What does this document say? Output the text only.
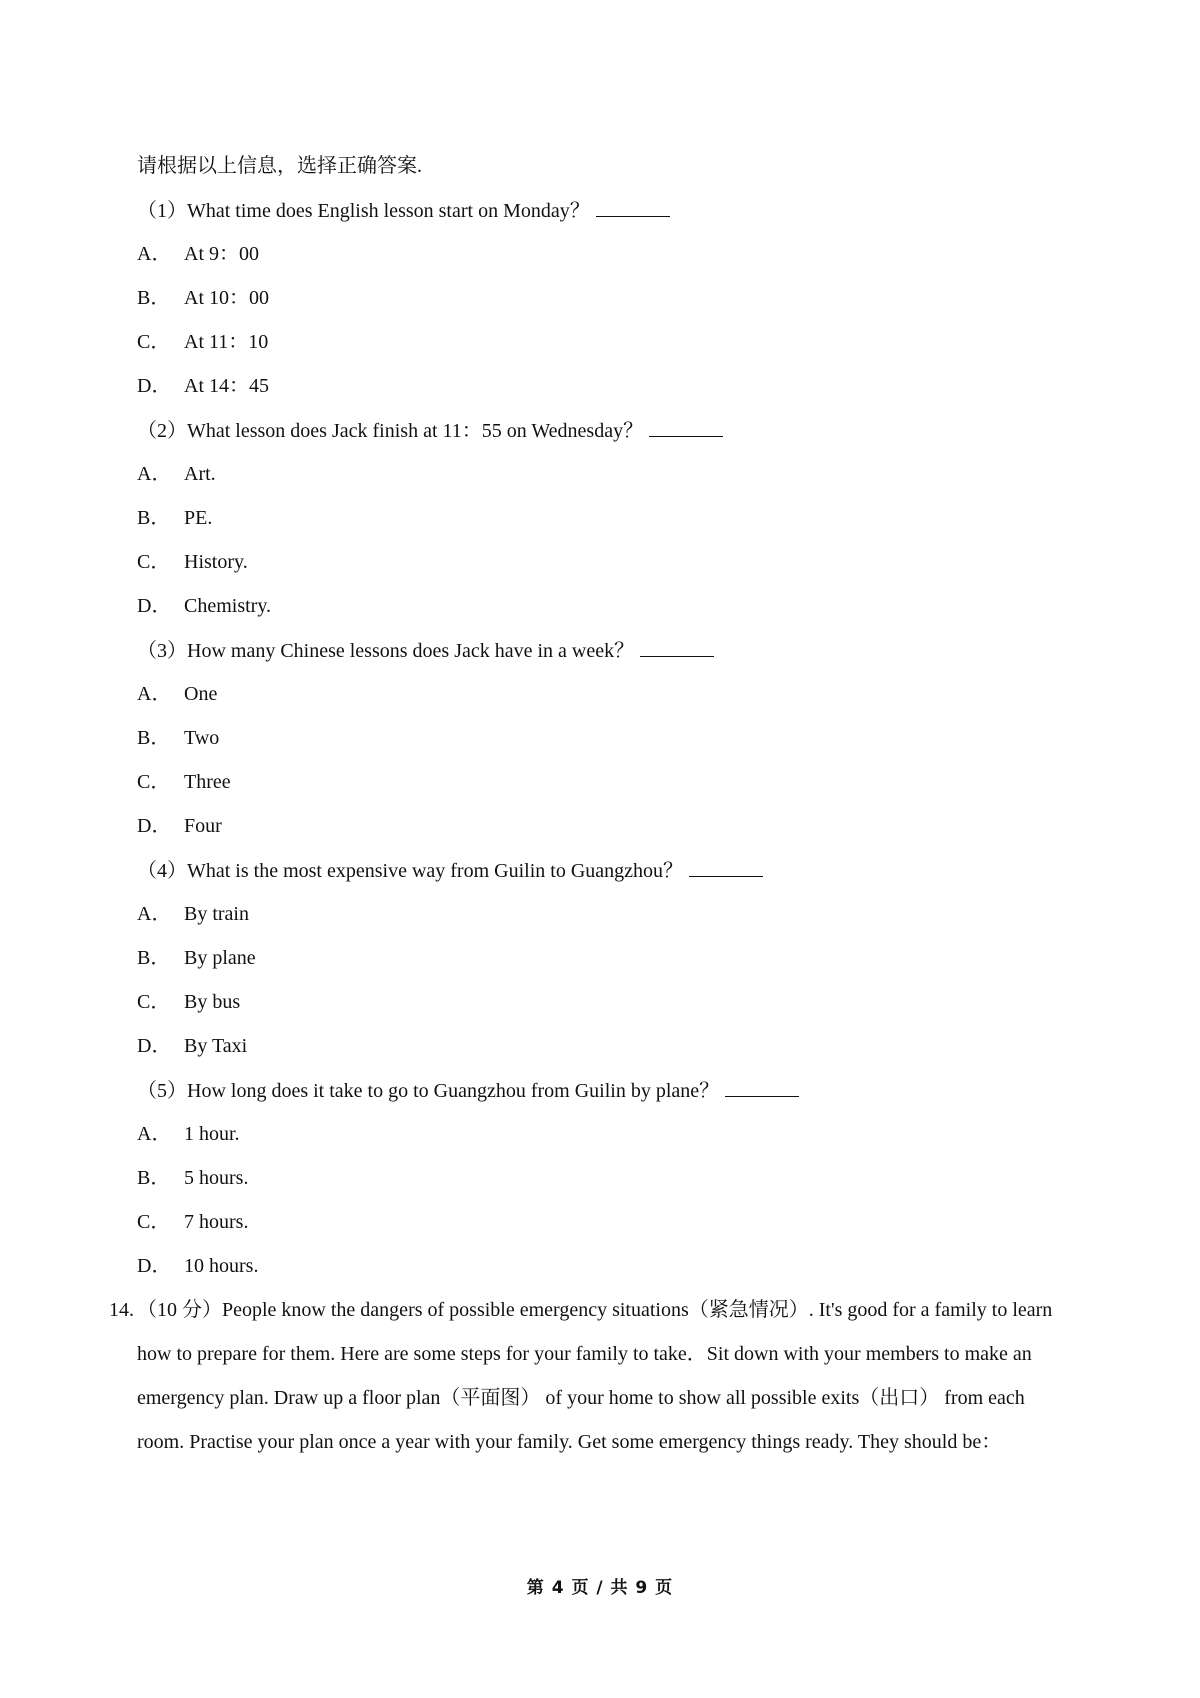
请根据以上信息，选择正确答案.
（1）What time does English lesson start on Monday？
A． At 9：00
B． At 10：00
C． At 11：10
D． At 14：45
（2）What lesson does Jack finish at 11：55 on Wednesday？
A． Art.
B． PE.
C． History.
D． Chemistry.
（3）How many Chinese lessons does Jack have in a week？
A． One
B． Two
C． Three
D． Four
（4）What is the most expensive way from Guilin to Guangzhou？
A． By train
B． By plane
C． By bus
D． By Taxi
（5）How long does it take to go to Guangzhou from Guilin by plane？
A． 1 hour.
B． 5 hours.
C． 7 hours.
D． 10 hours.
14. （10 分）People know the dangers of possible emergency situations（紧急情况）. It's good for a family to learn
how to prepare for them. Here are some steps for your family to take．Sit down with your members to make an
emergency plan. Draw up a floor plan（平面图） of your home to show all possible exits（出口） from each
room. Practise your plan once a year with your family. Get some emergency things ready. They should be：
第 4 页 / 共 9 页
